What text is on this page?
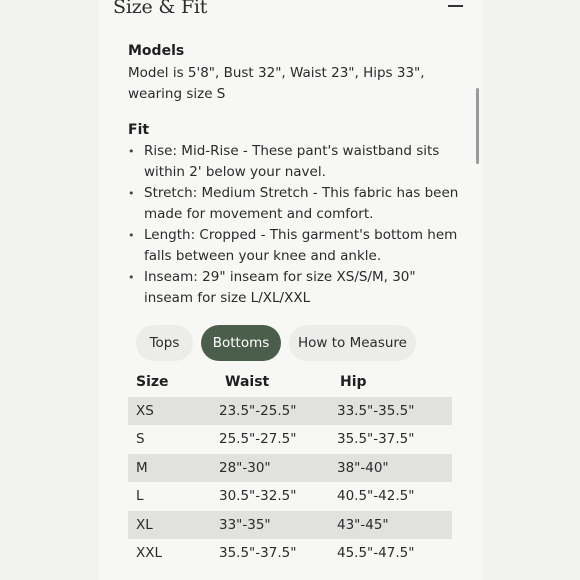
Size & Fit
Models
Model is 5'8", Bust 32", Waist 23", Hips 33", wearing size S
Fit
• Rise: Mid-Rise - These pant's waistband sits within 2' below your navel.
• Stretch: Medium Stretch - This fabric has been made for movement and comfort.
• Length: Cropped - This garment's bottom hem falls between your knee and ankle.
• Inseam: 29" inseam for size XS/S/M, 30" inseam for size L/XL/XXL
Tops	Bottoms	How to Measure
Size	Waist	Hip
XS	23.5"-25.5"	33.5"-35.5"
S	25.5"-27.5"	35.5"-37.5"
M	28"-30"	38"-40"
L	30.5"-32.5"	40.5"-42.5"
XL	33"-35"	43"-45"
XXL	35.5"-37.5"	45.5"-47.5"
